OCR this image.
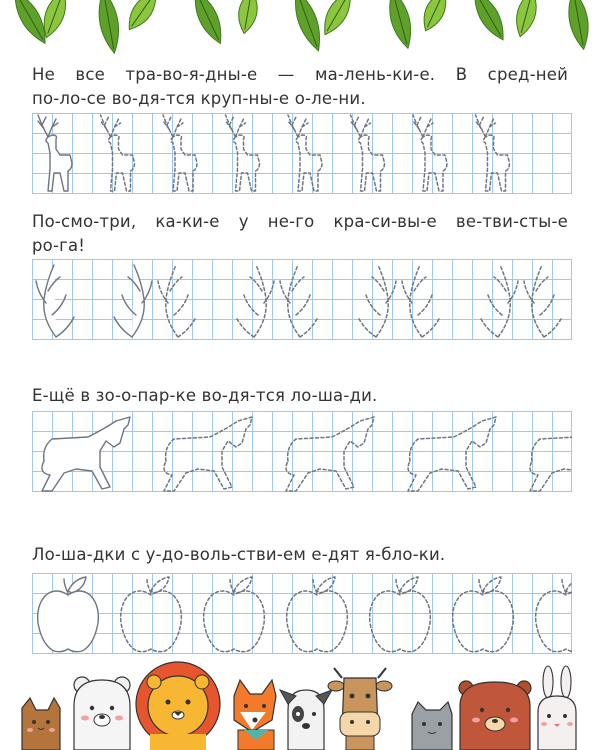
Не все тра-во-я-дны-е — ма-лень-ки-е. В сред-ней
по-ло-се во-дя-тся круп-ны-е о-ле-ни.
По-смо-три, ка-ки-е у не-го кра-си-вы-е ве-тви-сты-е
ро-га!
Е-щё в зо-о-пар-ке во-дя-тся ло-ша-ди.
Ло-ша-дки с у-до-воль-стви-ем е-дят я-бло-ки.
